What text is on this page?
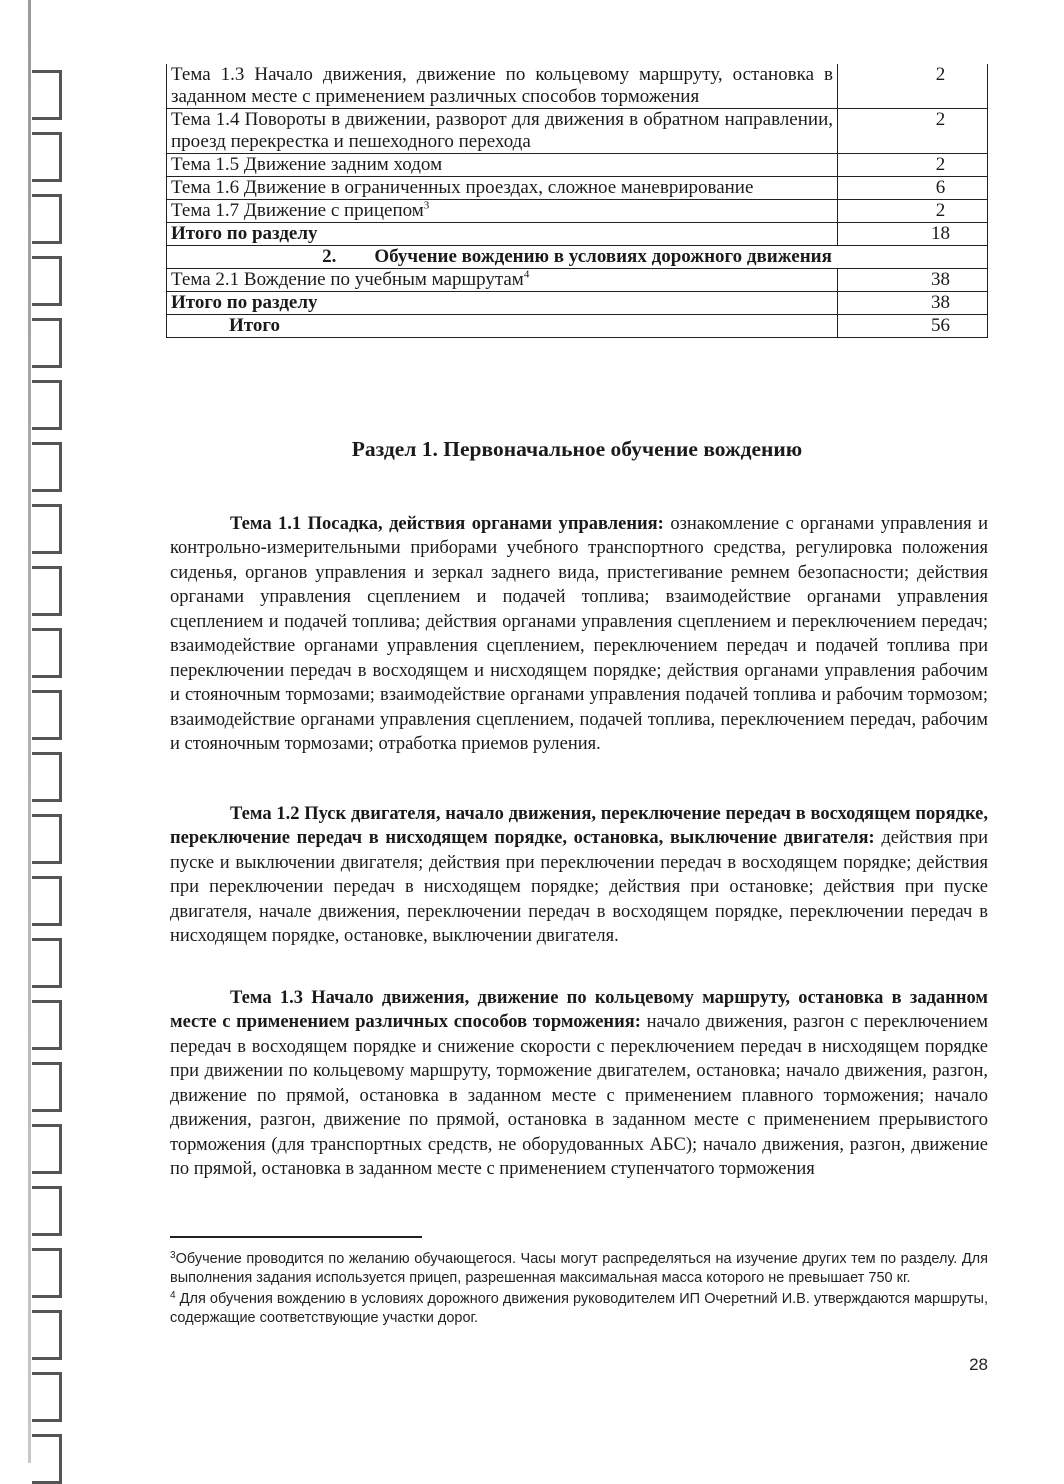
Тема 1.3 Начало движения, движение по кольцевому маршруту, остановка в заданном месте с применением различных способов торможения	2
Тема 1.4 Повороты в движении, разворот для движения в обратном направлении, проезд перекрестка и пешеходного перехода	2
Тема 1.5 Движение задним ходом	2
Тема 1.6 Движение в ограниченных проездах, сложное маневрирование	6
Тема 1.7 Движение с прицепом$^3$	2
Итого по разделу	18
2.        Обучение вождению в условиях дорожного движения	
Тема 2.1 Вождение по учебным маршрутам$^4$	38
Итого по разделу	38
Итого	56
Раздел 1. Первоначальное обучение вождению

Тема 1.1 Посадка, действия органами управления: ознакомление с органами управления и контрольно-измерительными приборами учебного транспортного средства, регулировка положения сиденья, органов управления и зеркал заднего вида, пристегивание ремнем безопасности; действия органами управления сцеплением и подачей топлива; взаимодействие органами управления сцеплением и подачей топлива; действия органами управления сцеплением и переключением передач; взаимодействие органами управления сцеплением, переключением передач и подачей топлива при переключении передач в восходящем и нисходящем порядке; действия органами управления рабочим и стояночным тормозами; взаимодействие органами управления подачей топлива и рабочим тормозом; взаимодействие органами управления сцеплением, подачей топлива, переключением передач, рабочим и стояночным тормозами; отработка приемов руления.

Тема 1.2 Пуск двигателя, начало движения, переключение передач в восходящем порядке, переключение передач в нисходящем порядке, остановка, выключение двигателя: действия при пуске и выключении двигателя; действия при переключении передач в восходящем порядке; действия при переключении передач в нисходящем порядке; действия при остановке; действия при пуске двигателя, начале движения, переключении передач в восходящем порядке, переключении передач в нисходящем порядке, остановке, выключении двигателя.

Тема 1.3 Начало движения, движение по кольцевому маршруту, остановка в заданном месте с применением различных способов торможения: начало движения, разгон с переключением передач в восходящем порядке и снижение скорости с переключением передач в нисходящем порядке при движении по кольцевому маршруту, торможение двигателем, остановка; начало движения, разгон, движение по прямой, остановка в заданном месте с применением плавного торможения; начало движения, разгон, движение по прямой, остановка в заданном месте с применением прерывистого торможения (для транспортных средств, не оборудованных АБС); начало движения, разгон, движение по прямой, остановка в заданном месте с применением ступенчатого торможения

$^3$Обучение проводится по желанию обучающегося. Часы могут распределяться на изучение других тем по разделу. Для выполнения задания используется прицеп, разрешенная максимальная масса которого не превышает 750 кг.

$^4$ Для обучения вождению в условиях дорожного движения руководителем ИП Очеретний И.В. утверждаются маршруты, содержащие соответствующие участки дорог.

28
